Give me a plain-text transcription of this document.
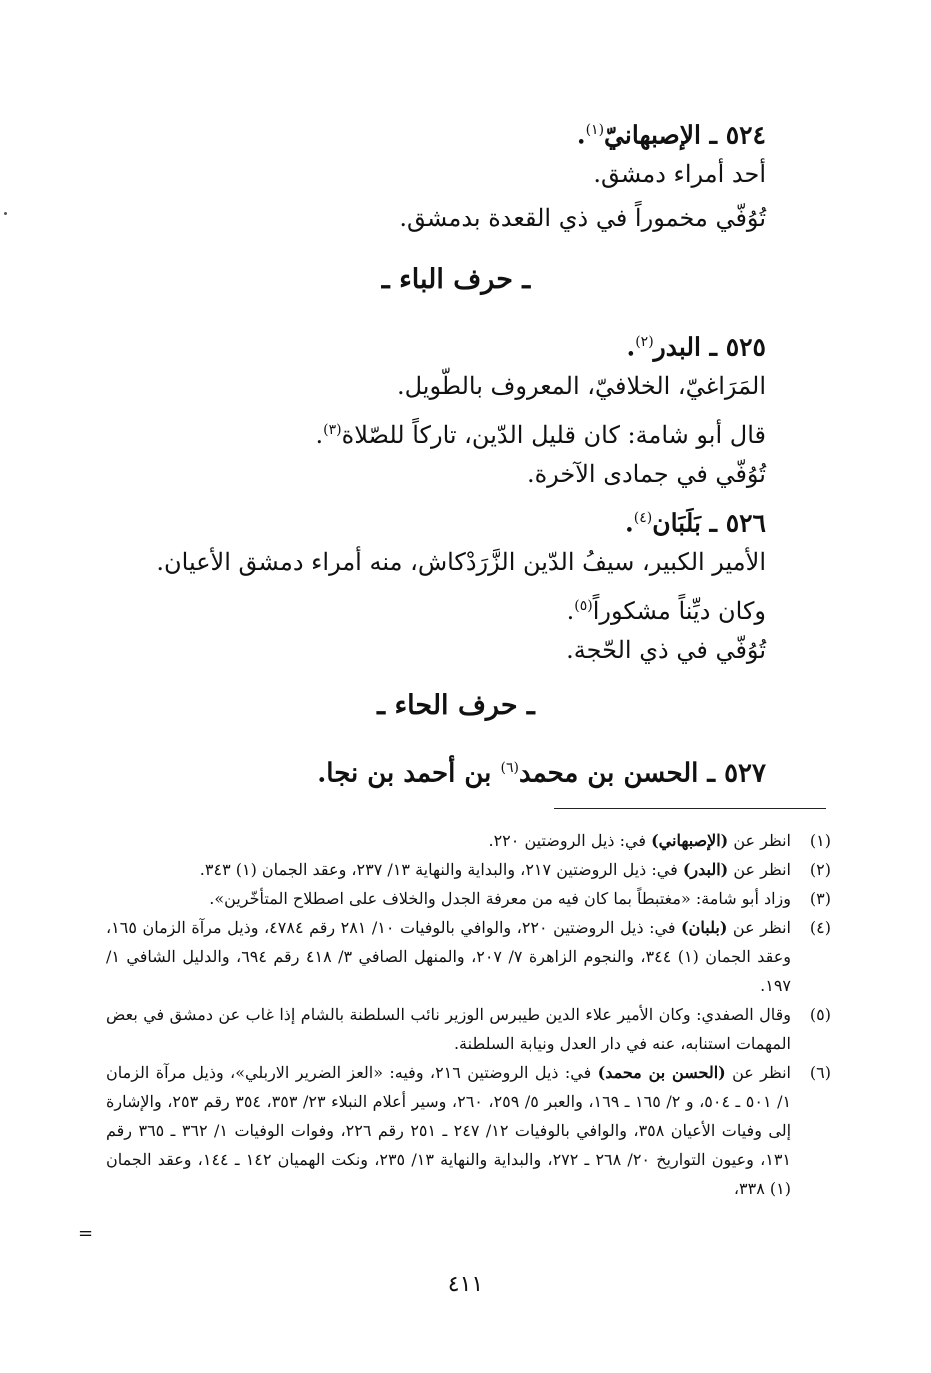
٥٢٤ ـ الإصبهانيّ$^{(١)}$.
أحد أمراء دمشق.
تُوُفّي مخموراً في ذي القعدة بدمشق.
ـ حرف الباء ـ
٥٢٥ ـ البدر$^{(٢)}$.
المَرَاغيّ، الخلافيّ، المعروف بالطّويل.
قال أبو شامة: كان قليل الدّين، تاركاً للصّلاة$^{(٣)}$.
تُوُفّي في جمادى الآخرة.
٥٢٦ ـ بَلَبَان$^{(٤)}$.
الأمير الكبير، سيفُ الدّين الزَّرَدْكاش، منه أمراء دمشق الأعيان.
وكان ديِّناً مشكوراً$^{(٥)}$.
تُوُفّي في ذي الحّجة.
ـ حرف الحاء ـ
٥٢٧ ـ الحسن بن محمد$^{(٦)}$ بن أحمد بن نجا.
(١)
انظر عن (الإصبهاني) في: ذيل الروضتين ٢٢٠.
(٢)
انظر عن (البدر) في: ذيل الروضتين ٢١٧، والبداية والنهاية ١٣/ ٢٣٧، وعقد الجمان (١) ٣٤٣.
(٣)
وزاد أبو شامة: «مغتبطاً بما كان فيه من معرفة الجدل والخلاف على اصطلاح المتأخّرين».
(٤)
انظر عن (بلبان) في: ذيل الروضتين ٢٢٠، والوافي بالوفيات ١٠/ ٢٨١ رقم ٤٧٨٤، وذيل مرآة الزمان ١٦٥، وعقد الجمان (١) ٣٤٤، والنجوم الزاهرة ٧/ ٢٠٧، والمنهل الصافي ٣/ ٤١٨ رقم ٦٩٤، والدليل الشافي ١/ ١٩٧.
(٥)
وقال الصفدي: وكان الأمير علاء الدين طيبرس الوزير نائب السلطنة بالشام إذا غاب عن دمشق في بعض المهمات استنابه، عنه في دار العدل ونيابة السلطنة.
(٦)
انظر عن (الحسن بن محمد) في: ذيل الروضتين ٢١٦، وفيه: «العز الضرير الاربلي»، وذيل مرآة الزمان ١/ ٥٠١ ـ ٥٠٤، و ٢/ ١٦٥ ـ ١٦٩، والعبر ٥/ ٢٥٩، ٢٦٠، وسير أعلام النبلاء ٢٣/ ٣٥٣، ٣٥٤ رقم ٢٥٣، والإشارة إلى وفيات الأعيان ٣٥٨، والوافي بالوفيات ١٢/ ٢٤٧ ـ ٢٥١ رقم ٢٢٦، وفوات الوفيات ١/ ٣٦٢ ـ ٣٦٥ رقم ١٣١، وعيون التواريخ ٢٠/ ٢٦٨ ـ ٢٧٢، والبداية والنهاية ١٣/ ٢٣٥، ونكت الهميان ١٤٢ ـ ١٤٤، وعقد الجمان (١) ٣٣٨،
=
٤١١
